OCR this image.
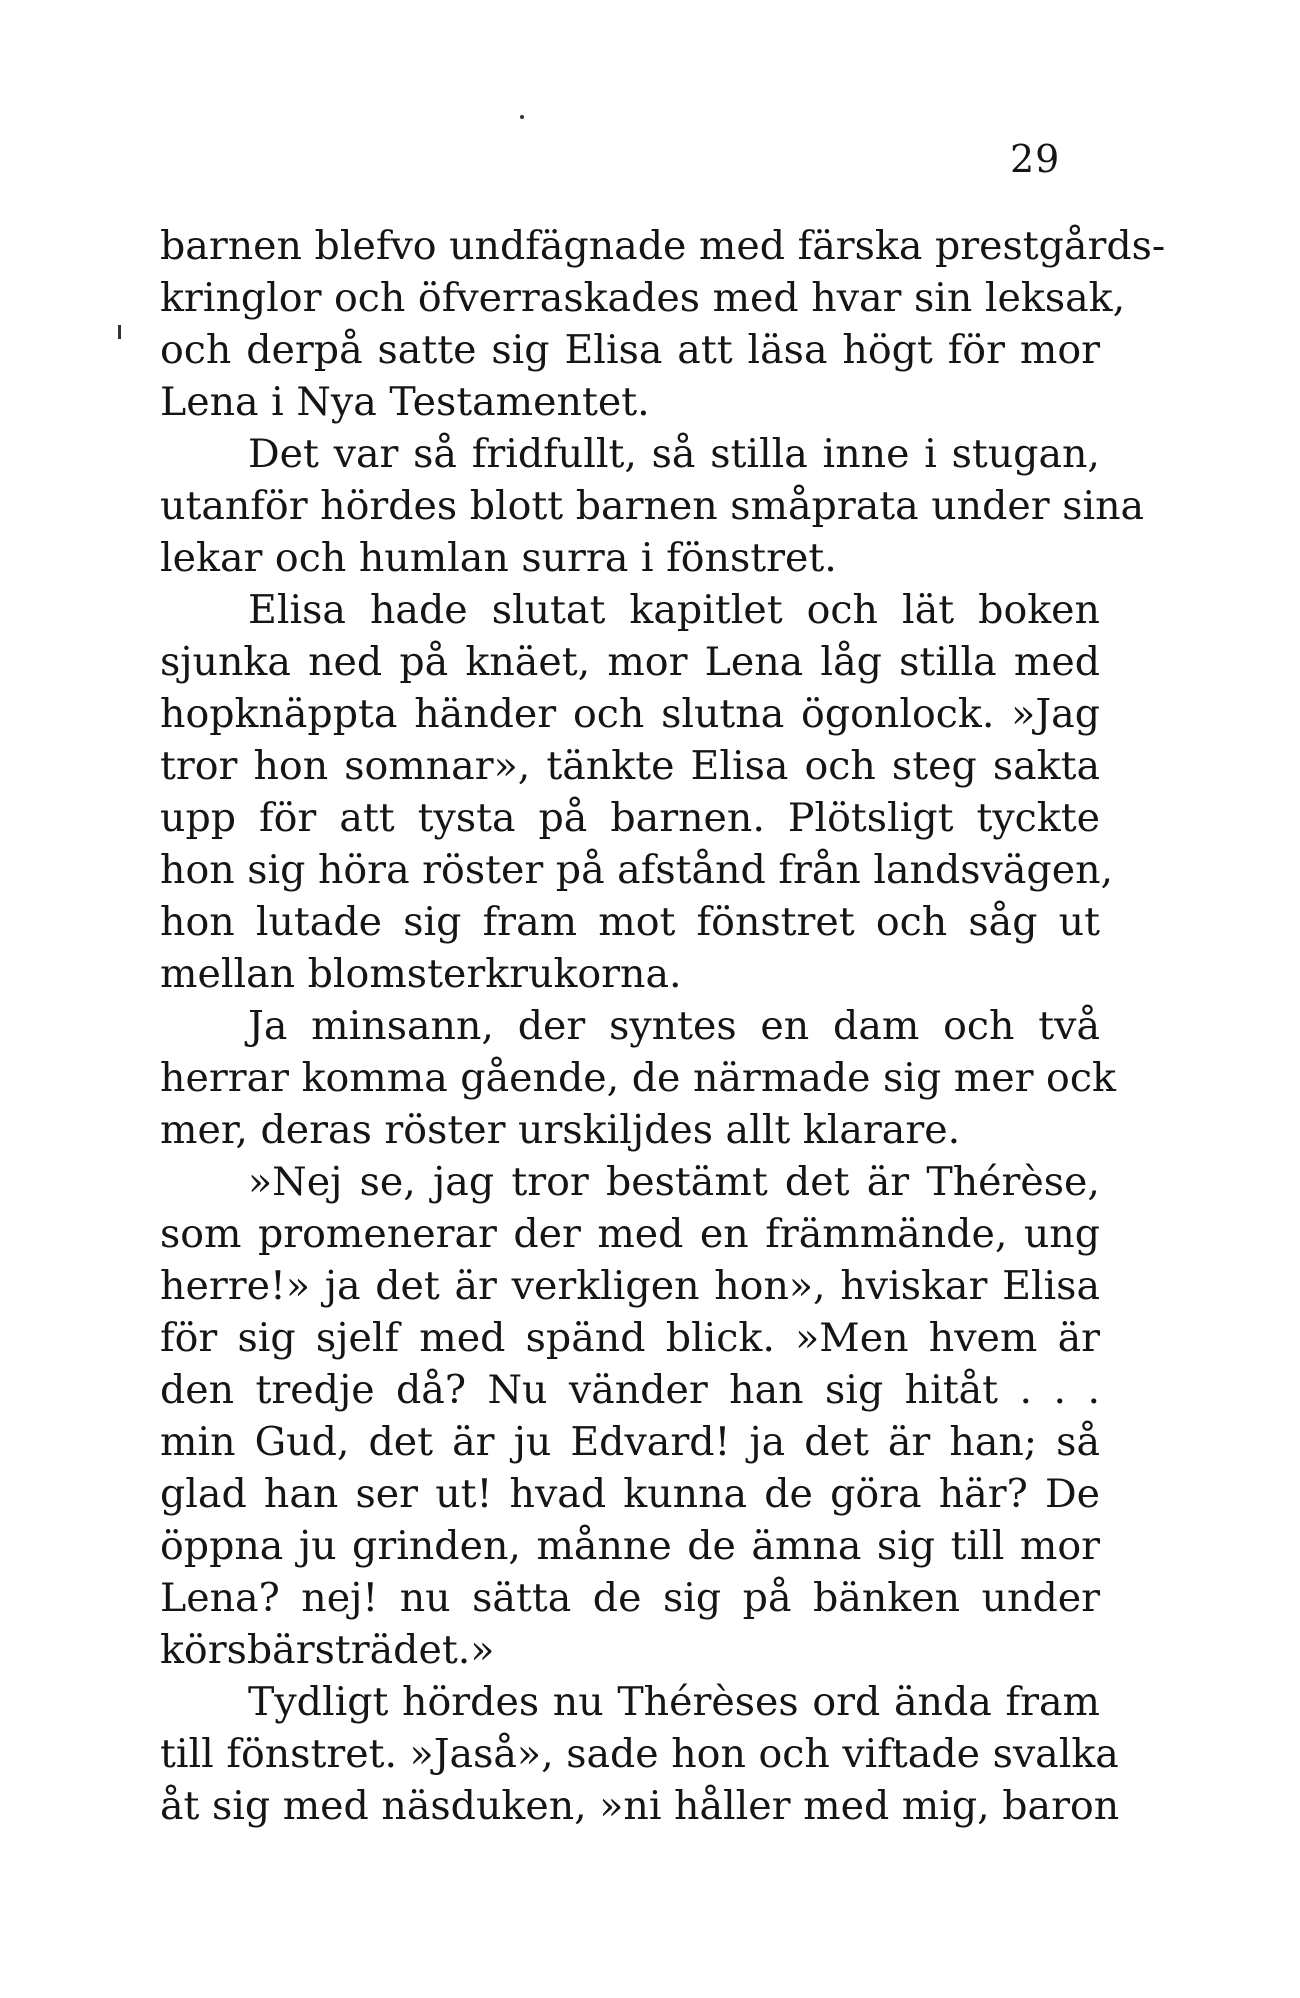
29
barnen blefvo undfägnade med färska prestgårds-
kringlor och öfverraskades med hvar sin leksak,
och derpå satte sig Elisa att läsa högt för mor
Lena i Nya Testamentet.
Det var så fridfullt, så stilla inne i stugan,
utanför hördes blott barnen småprata under sina
lekar och humlan surra i fönstret.
Elisa hade slutat kapitlet och lät boken
sjunka ned på knäet, mor Lena låg stilla med
hopknäppta händer och slutna ögonlock. »Jag
tror hon somnar», tänkte Elisa och steg sakta
upp för att tysta på barnen. Plötsligt tyckte
hon sig höra röster på afstånd från landsvägen,
hon lutade sig fram mot fönstret och såg ut
mellan blomsterkrukorna.
Ja minsann, der syntes en dam och två
herrar komma gående, de närmade sig mer ock
mer, deras röster urskiljdes allt klarare.
»Nej se, jag tror bestämt det är Thérèse,
som promenerar der med en främmände, ung
herre!» ja det är verkligen hon», hviskar Elisa
för sig sjelf med spänd blick. »Men hvem är
den tredje då? Nu vänder han sig hitåt . . .
min Gud, det är ju Edvard! ja det är han; så
glad han ser ut! hvad kunna de göra här? De
öppna ju grinden, månne de ämna sig till mor
Lena? nej! nu sätta de sig på bänken under
körsbärsträdet.»
Tydligt hördes nu Thérèses ord ända fram
till fönstret. »Jaså», sade hon och viftade svalka
åt sig med näsduken, »ni håller med mig, baron
